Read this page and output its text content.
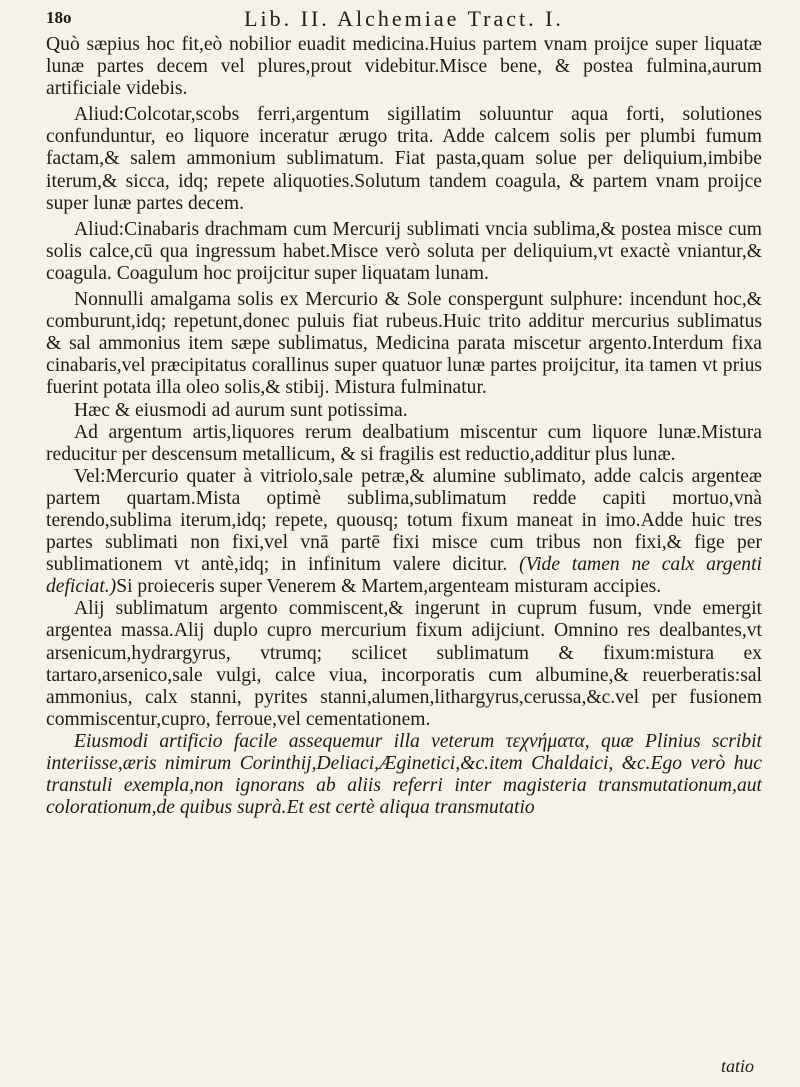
18o	Lib. II. Alchemiae Tract. I.

Quò sæpius hoc fit,eò nobilior euadit medicina.Huius partem vnam proijce super liquatæ lunæ partes decem vel plures,prout videbitur.Misce bene, & postea fulmina,aurum artificiale videbis.

Aliud:Colcotar,scobs ferri,argentum sigillatim soluuntur aqua forti, solutiones confunduntur, eo liquore inceratur ærugo trita. Adde calcem solis per plumbi fumum factam,& salem ammonium sublimatum. Fiat pasta,quam solue per deliquium,imbibe iterum,& sicca, idq; repete aliquoties.Solutum tandem coagula, & partem vnam proijce super lunæ partes decem.

Aliud:Cinabaris drachmam cum Mercurij sublimati vncia sublima,& postea misce cum solis calce,cū qua ingressum habet.Misce verò soluta per deliquium,vt exactè vniantur,& coagula. Coagulum hoc proijcitur super liquatam lunam.

Nonnulli amalgama solis ex Mercurio & Sole conspergunt sulphure: incendunt hoc,& comburunt,idq; repetunt,donec puluis fiat rubeus.Huic trito additur mercurius sublimatus & sal ammonius item sæpe sublimatus, Medicina parata miscetur argento.Interdum fixa cinabaris,vel præcipitatus corallinus super quatuor lunæ partes proijcitur, ita tamen vt prius fuerint potata illa oleo solis,& stibij. Mistura fulminatur.

Hæc & eiusmodi ad aurum sunt potissima.

Ad argentum artis,liquores rerum dealbatium miscentur cum liquore lunæ.Mistura reducitur per descensum metallicum, & si fragilis est reductio,additur plus lunæ.

Vel:Mercurio quater à vitriolo,sale petræ,& alumine sublimato, adde calcis argenteæ partem quartam.Mista optimè sublima,sublimatum redde capiti mortuo,vnà terendo,sublima iterum,idq; repete, quousq; totum fixum maneat in imo.Adde huic tres partes sublimati non fixi,vel vnā partē fixi misce cum tribus non fixi,& fige per sublimationem vt antè,idq; in infinitum valere dicitur. (Vide tamen ne calx argenti deficiat.)Si proieceris super Venerem & Martem,argenteam misturam accipies.

Alij sublimatum argento commiscent,& ingerunt in cuprum fusum, vnde emergit argentea massa.Alij duplo cupro mercurium fixum adijciunt. Omnino res dealbantes,vt arsenicum,hydrargyrus, vtrumq; scilicet sublimatum & fixum:mistura ex tartaro,arsenico,sale vulgi, calce viua, incorporatis cum albumine,& reuerberatis:sal ammonius, calx stanni, pyrites stanni,alumen,lithargyrus,cerussa,&c.vel per fusionem commiscentur,cupro, ferroue,vel cementationem.

Eiusmodi artificio facile assequemur illa veterum τεχνήματα, quæ Plinius scribit interiisse,æris nimirum Corinthij,Deliaci,Æginetici,&c.item Chaldaici, &c.Ego verò huc transtuli exempla,non ignorans ab aliis referri inter magisteria transmutationum,aut colorationum,de quibus suprà.Et est certè aliqua transmutatio

tatio
